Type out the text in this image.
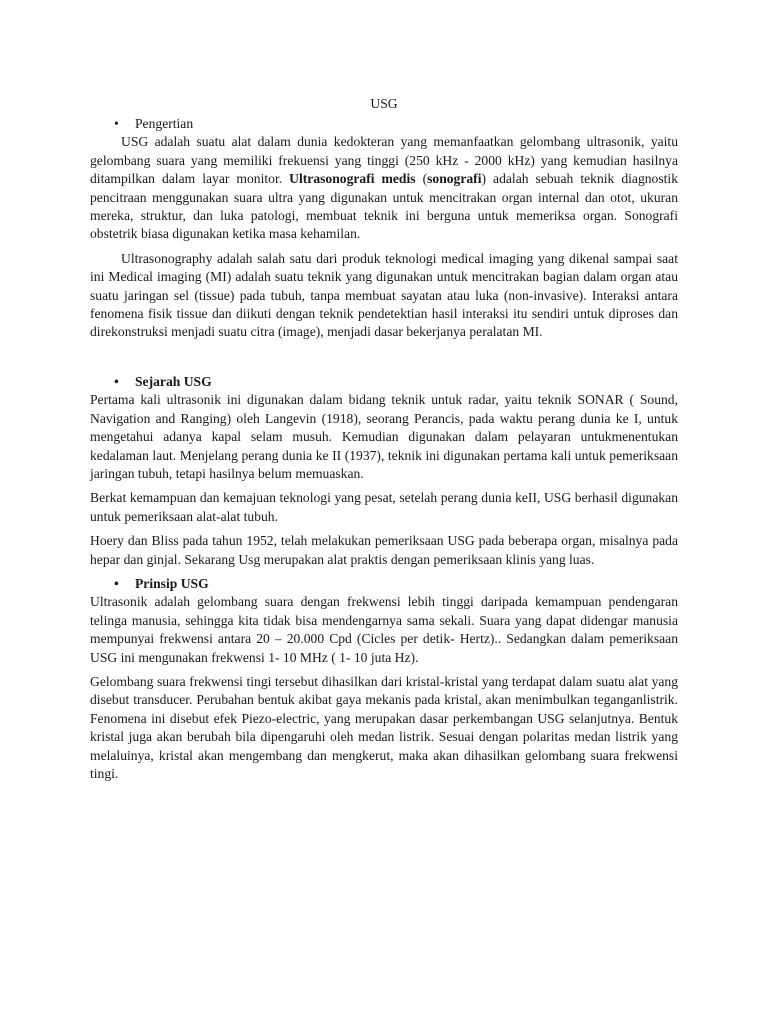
USG
• Pengertian

USG adalah suatu alat dalam dunia kedokteran yang memanfaatkan gelombang ultrasonik, yaitu gelombang suara yang memiliki frekuensi yang tinggi (250 kHz - 2000 kHz) yang kemudian hasilnya ditampilkan dalam layar monitor. Ultrasonografi medis (sonografi) adalah sebuah teknik diagnostik pencitraan menggunakan suara ultra yang digunakan untuk mencitrakan organ internal dan otot, ukuran mereka, struktur, dan luka patologi, membuat teknik ini berguna untuk memeriksa organ. Sonografi obstetrik biasa digunakan ketika masa kehamilan.

Ultrasonography adalah salah satu dari produk teknologi medical imaging yang dikenal sampai saat ini Medical imaging (MI) adalah suatu teknik yang digunakan untuk mencitrakan bagian dalam organ atau suatu jaringan sel (tissue) pada tubuh, tanpa membuat sayatan atau luka (non-invasive). Interaksi antara fenomena fisik tissue dan diikuti dengan teknik pendetektian hasil interaksi itu sendiri untuk diproses dan direkonstruksi menjadi suatu citra (image), menjadi dasar bekerjanya peralatan MI.

• Sejarah USG

Pertama kali ultrasonik ini digunakan dalam bidang teknik untuk radar, yaitu teknik SONAR ( Sound, Navigation and Ranging) oleh Langevin (1918), seorang Perancis, pada waktu perang dunia ke I, untuk mengetahui adanya kapal selam musuh. Kemudian digunakan dalam pelayaran untukmenentukan kedalaman laut. Menjelang perang dunia ke II (1937), teknik ini digunakan pertama kali untuk pemeriksaan jaringan tubuh, tetapi hasilnya belum memuaskan.

Berkat kemampuan dan kemajuan teknologi yang pesat, setelah perang dunia keII, USG berhasil digunakan untuk pemeriksaan alat-alat tubuh.

Hoery dan Bliss pada tahun 1952, telah melakukan pemeriksaan USG pada beberapa organ, misalnya pada hepar dan ginjal. Sekarang Usg merupakan alat praktis dengan pemeriksaan klinis yang luas.

• Prinsip USG

Ultrasonik adalah gelombang suara dengan frekwensi lebih tinggi daripada kemampuan pendengaran telinga manusia, sehingga kita tidak bisa mendengarnya sama sekali. Suara yang dapat didengar manusia mempunyai frekwensi antara 20 – 20.000 Cpd (Cicles per detik- Hertz).. Sedangkan dalam pemeriksaan USG ini mengunakan frekwensi 1- 10 MHz ( 1- 10 juta Hz).

Gelombang suara frekwensi tingi tersebut dihasilkan dari kristal-kristal yang terdapat dalam suatu alat yang disebut transducer. Perubahan bentuk akibat gaya mekanis pada kristal, akan menimbulkan teganganlistrik. Fenomena ini disebut efek Piezo-electric, yang merupakan dasar perkembangan USG selanjutnya. Bentuk kristal juga akan berubah bila dipengaruhi oleh medan listrik. Sesuai dengan polaritas medan listrik yang melaluinya, kristal akan mengembang dan mengkerut, maka akan dihasilkan gelombang suara frekwensi tingi.
